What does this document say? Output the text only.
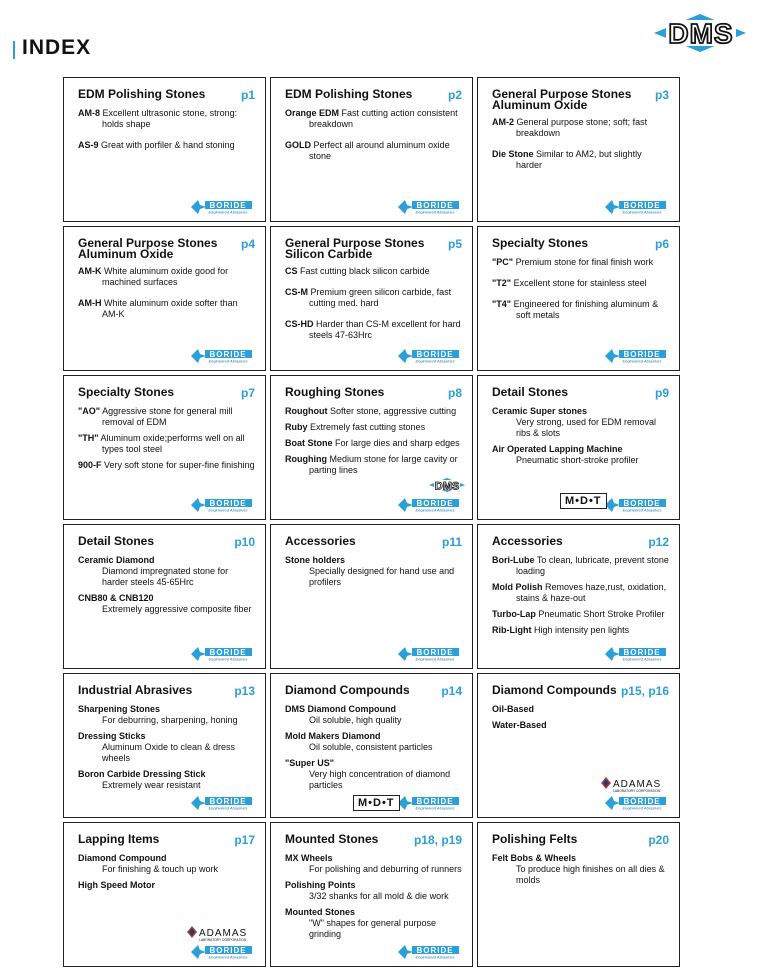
INDEX	DMS
EDM Polishing Stones	p1
AM-8 Excellent ultrasonic stone, strong: holds shape
AS-9 Great with porfiler & hand stoning
BORIDE
Engineered Abrasives
EDM Polishing Stones	p2
Orange EDM Fast cutting action consistent breakdown
GOLD Perfect all around aluminum oxide stone
BORIDE
Engineered Abrasives
General Purpose Stones Aluminum Oxide
p3
AM-2 General purpose stone; soft; fast breakdown
Die Stone Similar to AM2, but slightly harder
BORIDE
Engineered Abrasives
General Purpose Stones Aluminum Oxide
p4
AM-K White aluminum oxide good for machined surfaces
AM-H White aluminum oxide softer than AM-K
BORIDE
Engineered Abrasives
General Purpose Stones Silicon Carbide
p5
CS Fast cutting black silicon carbide
CS-M Premium green silicon carbide, fast cutting med. hard
CS-HD Harder than CS-M excellent for hard steels 47-63Hrc
BORIDE
Engineered Abrasives
Specialty Stones	p6
"PC" Premium stone for final finish work
"T2" Excellent stone for stainless steel
"T4" Engineered for finishing aluminum & soft metals
BORIDE
Engineered Abrasives
Specialty Stones	p7
"AO" Aggressive stone for general mill removal of EDM
"TH" Aluminum oxide;performs well on all types tool steel
900-F Very soft stone for super-fine finishing
BORIDE
Engineered Abrasives
Roughing Stones	p8
Roughout Softer stone, aggressive cutting
Ruby Extremely fast cutting stones
Boat Stone For large dies and sharp edges
Roughing Medium stone for large cavity or parting lines
BORIDE
Engineered Abrasives
DMS
Detail Stones	p9
Ceramic Super stones
Very strong, used for EDM removal ribs & slots
Air Operated Lapping Machine
Pneumatic short-stroke profiler
BORIDE
Engineered Abrasives
M•D•T
Detail Stones	p10
Ceramic Diamond
Diamond impregnated stone for harder steels 45-65Hrc
CNB80 & CNB120
Extremely aggressive composite fiber
BORIDE
Engineered Abrasives
Accessories	p11
Stone holders
Specially designed for hand use and profilers
BORIDE
Engineered Abrasives
Accessories	p12
Bori-Lube To clean, lubricate, prevent stone loading
Mold Polish Removes haze,rust, oxidation, stains & haze-out
Turbo-Lap Pneumatic Short Stroke Profiler
Rib-Light High intensity pen lights
BORIDE
Engineered Abrasives
Industrial Abrasives	p13
Sharpening Stones
For deburring, sharpening, honing
Dressing Sticks
Aluminum Oxide to clean & dress wheels
Boron Carbide Dressing Stick
Extremely wear resistant
BORIDE
Engineered Abrasives
Diamond Compounds	p14
DMS Diamond Compound
Oil soluble, high quality
Mold Makers Diamond
Oil soluble, consistent particles
"Super US"
Very high concentration of diamond particles
BORIDE
Engineered Abrasives
M•D•T
Diamond Compounds p15, p16
Oil-Based
Water-Based
BORIDE
Engineered Abrasives
ADAMAS
LABORATORY CORPORATION
Lapping Items	p17
Diamond Compound
For finishing & touch up work
High Speed Motor
BORIDE
Engineered Abrasives
ADAMAS
LABORATORY CORPORATION
Mounted Stones	p18, p19
MX Wheels
For polishing and deburring of runners
Polishing Points
3/32 shanks for all mold & die work
Mounted Stones
"W" shapes for general purpose grinding
BORIDE
Engineered Abrasives
Polishing Felts	p20
Felt Bobs & Wheels
To produce high finishes on all dies & molds
